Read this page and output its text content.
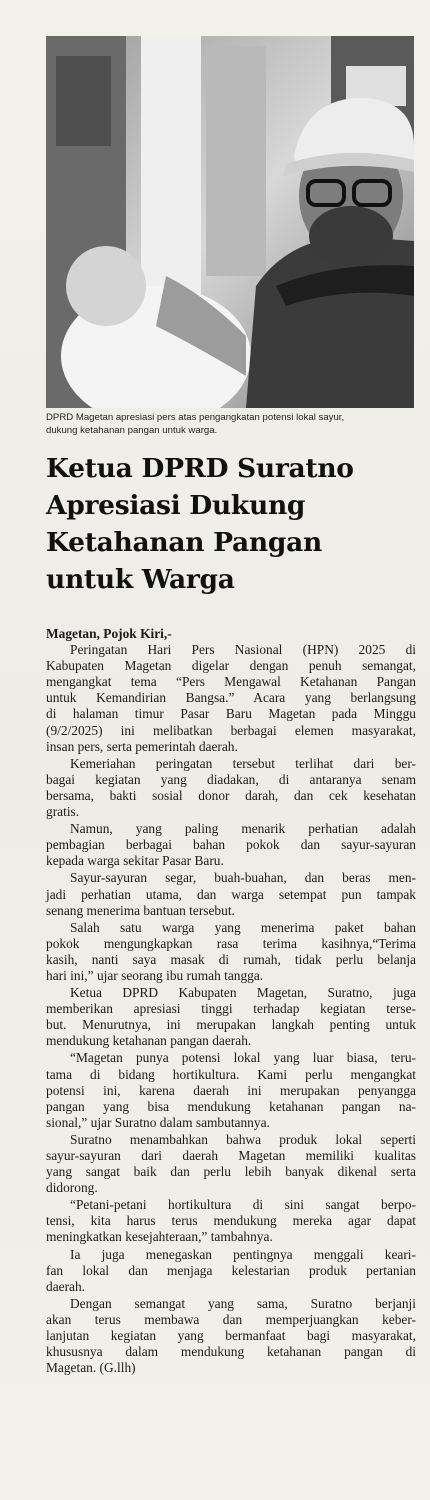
DPRD Magetan apresiasi pers atas pengangkatan potensi lokal sayur,
dukung ketahanan pangan untuk warga.
Ketua DPRD Suratno
Apresiasi Dukung
Ketahanan Pangan
untuk Warga
Magetan, Pojok Kiri,-
Peringatan Hari Pers Nasional (HPN) 2025 di
Kabupaten Magetan digelar dengan penuh semangat,
mengangkat tema “Pers Mengawal Ketahanan Pangan
untuk Kemandirian Bangsa.” Acara yang berlangsung
di halaman timur Pasar Baru Magetan pada Minggu
(9/2/2025) ini melibatkan berbagai elemen masyarakat,
insan pers, serta pemerintah daerah.
Kemeriahan peringatan tersebut terlihat dari ber-
bagai kegiatan yang diadakan, di antaranya senam
bersama, bakti sosial donor darah, dan cek kesehatan
gratis.
Namun, yang paling menarik perhatian adalah
pembagian berbagai bahan pokok dan sayur-sayuran
kepada warga sekitar Pasar Baru.
Sayur-sayuran segar, buah-buahan, dan beras men-
jadi perhatian utama, dan warga setempat pun tampak
senang menerima bantuan tersebut.
Salah satu warga yang menerima paket bahan
pokok mengungkapkan rasa terima kasihnya,“Terima
kasih, nanti saya masak di rumah, tidak perlu belanja
hari ini,” ujar seorang ibu rumah tangga.
Ketua DPRD Kabupaten Magetan, Suratno, juga
memberikan apresiasi tinggi terhadap kegiatan terse-
but. Menurutnya, ini merupakan langkah penting untuk
mendukung ketahanan pangan daerah.
“Magetan punya potensi lokal yang luar biasa, teru-
tama di bidang hortikultura. Kami perlu mengangkat
potensi ini, karena daerah ini merupakan penyangga
pangan yang bisa mendukung ketahanan pangan na-
sional,” ujar Suratno dalam sambutannya.
Suratno menambahkan bahwa produk lokal seperti
sayur-sayuran dari daerah Magetan memiliki kualitas
yang sangat baik dan perlu lebih banyak dikenal serta
didorong.
“Petani-petani hortikultura di sini sangat berpo-
tensi, kita harus terus mendukung mereka agar dapat
meningkatkan kesejahteraan,” tambahnya.
Ia juga menegaskan pentingnya menggali keari-
fan lokal dan menjaga kelestarian produk pertanian
daerah.
Dengan semangat yang sama, Suratno berjanji
akan terus membawa dan memperjuangkan keber-
lanjutan kegiatan yang bermanfaat bagi masyarakat,
khususnya dalam mendukung ketahanan pangan di
Magetan. (G.llh)
